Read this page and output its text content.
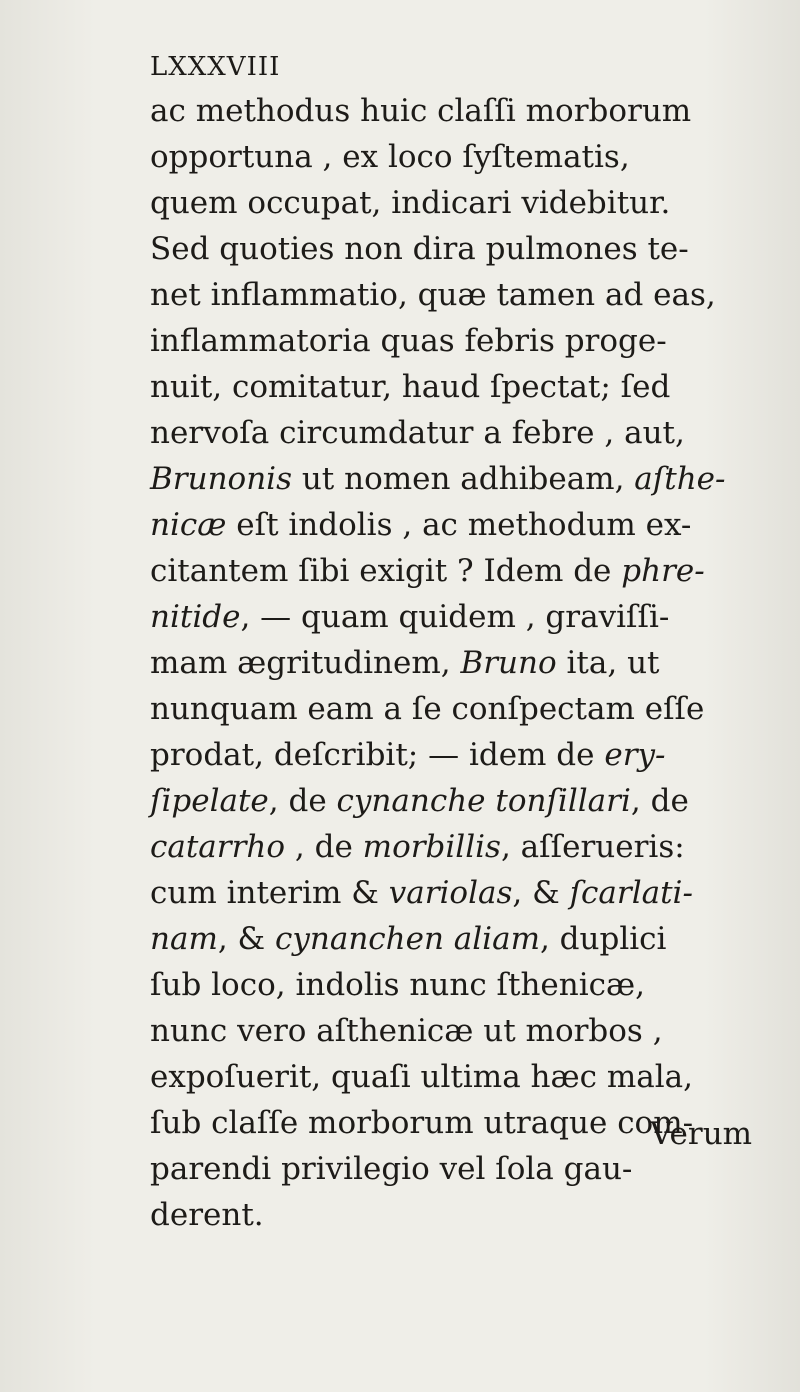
LXXXVIII
ac methodus huic claſſi morborum
opportuna , ex loco ſyſtematis,
quem occupat, indicari videbitur.
Sed quoties non dira pulmones te-
net inflammatio, quæ tamen ad eas,
inflammatoria quas febris proge-
nuit, comitatur, haud ſpectat; ſed
nervoſa circumdatur a febre , aut,
Brunonis ut nomen adhibeam, aſthe-
nicæ eſt indolis , ac methodum ex-
citantem ſibi exigit ? Idem de phre-
nitide, — quam quidem , graviſſi-
mam ægritudinem, Bruno ita, ut
nunquam eam a ſe conſpectam eſſe
prodat, deſcribit; — idem de ery-
ſipelate, de cynanche tonſillari, de
catarrho , de morbillis, aſſerueris:
cum interim & variolas, & ſcarlati-
nam, & cynanchen aliam, duplici
ſub loco, indolis nunc ſthenicæ,
nunc vero aſthenicæ ut morbos ,
expoſuerit, quaſi ultima hæc mala,
ſub claſſe morborum utraque com-
parendi privilegio vel ſola gau-
derent.
Verum
